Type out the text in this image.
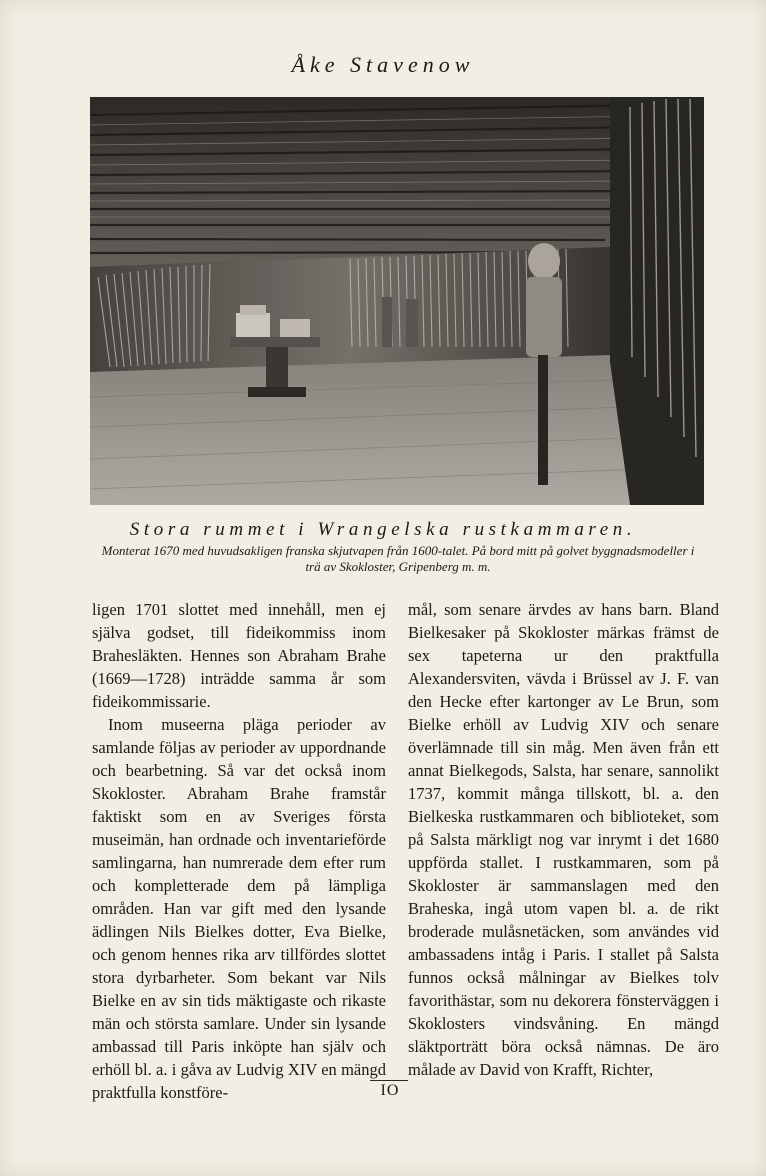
Åke Stavenow
Stora rummet i Wrangelska rustkammaren.
Monterat 1670 med huvudsakligen franska skjutvapen från 1600-talet. På bord mitt på golvet byggnadsmodeller i trä av Skokloster, Gripenberg m. m.

ligen 1701 slottet med innehåll, men ej själva godset, till fideikommiss inom Brahesläkten. Hennes son Abraham Brahe (1669—1728) inträdde samma år som fideikommissarie.

Inom museerna pläga perioder av samlande följas av perioder av uppordnande och bearbetning. Så var det också inom Skokloster. Abraham Brahe framstår faktiskt som en av Sveriges första museimän, han ordnade och inventarieförde samlingarna, han numrerade dem efter rum och kompletterade dem på lämpliga områden. Han var gift med den lysande ädlingen Nils Bielkes dotter, Eva Bielke, och genom hennes rika arv tillfördes slottet stora dyrbarheter. Som bekant var Nils Bielke en av sin tids mäktigaste och rikaste män och största samlare. Under sin lysande ambassad till Paris inköpte han själv och erhöll bl. a. i gåva av Ludvig XIV en mängd praktfulla konstföre-

mål, som senare ärvdes av hans barn. Bland Bielkesaker på Skokloster märkas främst de sex tapeterna ur den praktfulla Alexandersviten, vävda i Brüssel av J. F. van den Hecke efter kartonger av Le Brun, som Bielke erhöll av Ludvig XIV och senare överlämnade till sin måg. Men även från ett annat Bielkegods, Salsta, har senare, sannolikt 1737, kommit många tillskott, bl. a. den Bielkeska rustkammaren och biblioteket, som på Salsta märkligt nog var inrymt i det 1680 uppförda stallet. I rustkammaren, som på Skokloster är sammanslagen med den Braheska, ingå utom vapen bl. a. de rikt broderade mulåsnetäcken, som användes vid ambassadens intåg i Paris. I stallet på Salsta funnos också målningar av Bielkes tolv favorithästar, som nu dekorera fönsterväggen i Skoklosters vindsvåning. En mängd släktporträtt böra också nämnas. De äro målade av David von Krafft, Richter,

IO
